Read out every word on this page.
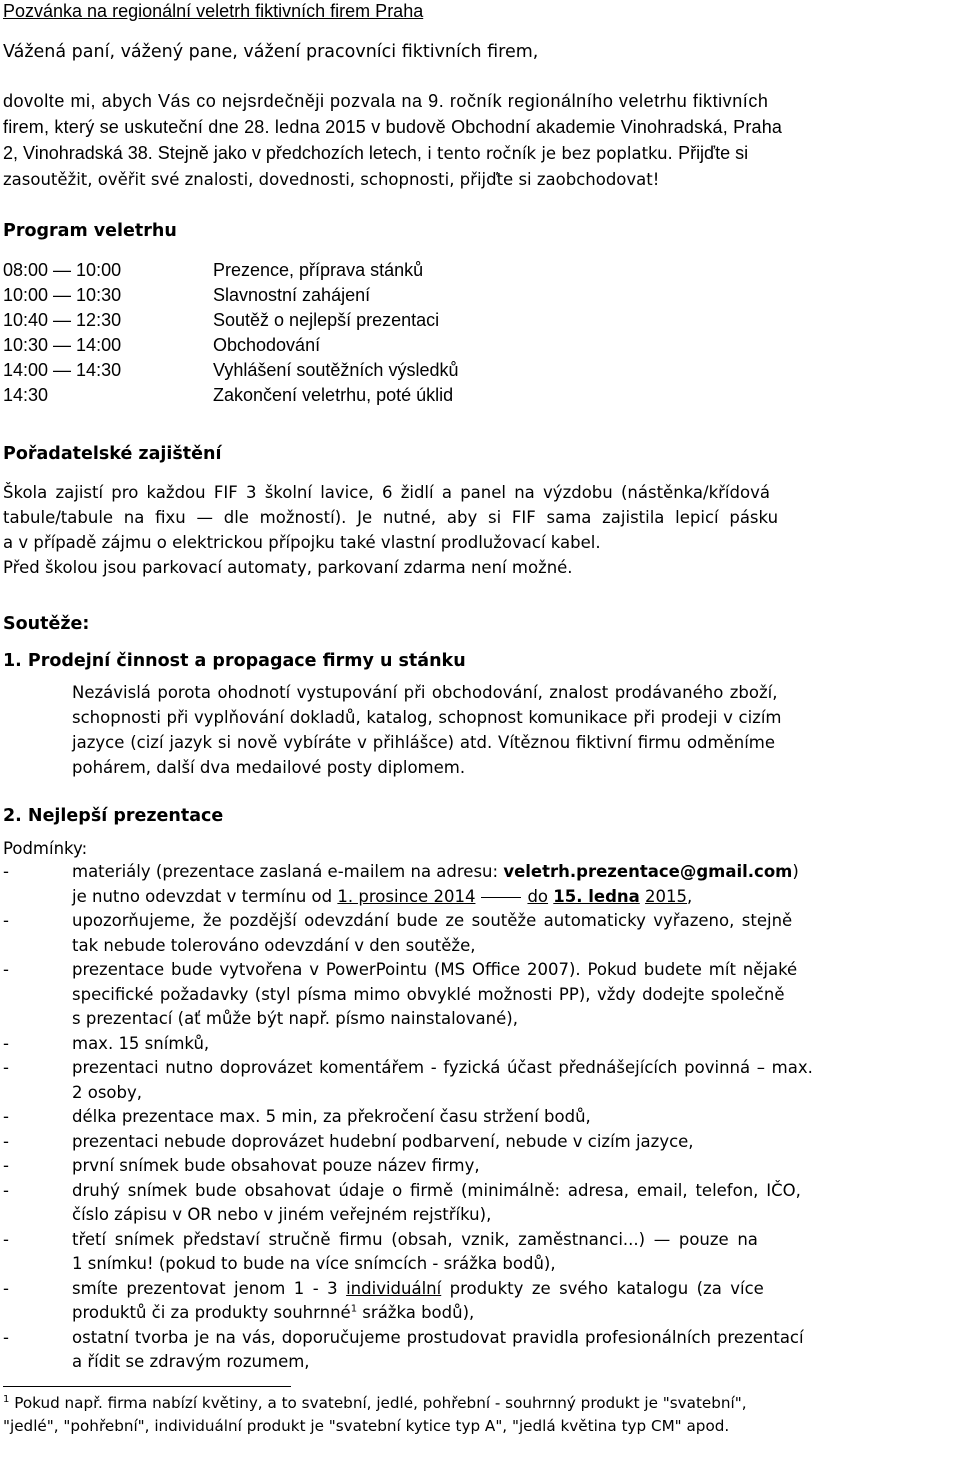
Pozvánka na regionální veletrh fiktivních firem Praha
Vážená paní, vážený pane, vážení pracovníci fiktivních firem,
dovolte mi, abych Vás co nejsrdečněji pozvala na 9. ročník regionálního veletrhu fiktivních
firem, který se uskuteční dne 28. ledna 2015 v budově Obchodní akademie Vinohradská, Praha
2, Vinohradská 38. Stejně jako v předchozích letech, i tento ročník je bez poplatku. Přijďte si
zasoutěžit, ověřit své znalosti, dovednosti, schopnosti, přijďte si zaobchodovat!
Program veletrhu
08:00 — 10:00	Prezence, příprava stánků
10:00 — 10:30	Slavnostní zahájení
10:40 — 12:30	Soutěž o nejlepší prezentaci
10:30 — 14:00	Obchodování
14:00 — 14:30	Vyhlášení soutěžních výsledků
14:30	Zakončení veletrhu, poté úklid
Pořadatelské zajištění
Škola zajistí pro každou FIF 3 školní lavice, 6 židlí a panel na výzdobu (nástěnka/křídová
tabule/tabule na fixu — dle možností). Je nutné, aby si FIF sama zajistila lepicí pásku
a v případě zájmu o elektrickou přípojku také vlastní prodlužovací kabel.
Před školou jsou parkovací automaty, parkovaní zdarma není možné.
Soutěže:
1. Prodejní činnost a propagace firmy u stánku
Nezávislá porota ohodnotí vystupování při obchodování, znalost prodávaného zboží,
schopnosti při vyplňování dokladů, katalog, schopnost komunikace při prodeji v cizím
jazyce (cizí jazyk si nově vybíráte v přihlášce) atd. Vítěznou fiktivní firmu odměníme
pohárem, další dva medailové posty diplomem.
2. Nejlepší prezentace
Podmínky:
-	materiály (prezentace zaslaná e-mailem na adresu: veletrh.prezentace@gmail.com)
je nutno odevzdat v termínu od 1. prosince 2014	do 15. ledna 2015,
-	upozorňujeme, že pozdější odevzdání bude ze soutěže automaticky vyřazeno, stejně
tak nebude tolerováno odevzdání v den soutěže,
-	prezentace bude vytvořena v PowerPointu (MS Office 2007). Pokud budete mít nějaké
specifické požadavky (styl písma mimo obvyklé možnosti PP), vždy dodejte společně
s prezentací (ať může být např. písmo nainstalované),
-	max. 15 snímků,
-	prezentaci nutno doprovázet komentářem - fyzická účast přednášejících povinná – max.
2 osoby,
-	délka prezentace max. 5 min, za překročení času stržení bodů,
-	prezentaci nebude doprovázet hudební podbarvení, nebude v cizím jazyce,
-	první snímek bude obsahovat pouze název firmy,
-	druhý snímek bude obsahovat údaje o firmě (minimálně: adresa, email, telefon, IČO,
číslo zápisu v OR nebo v jiném veřejném rejstříku),
-	třetí snímek představí stručně firmu (obsah, vznik, zaměstnanci...) — pouze na
1 snímku! (pokud to bude na více snímcích - srážka bodů),
-	smíte prezentovat jenom 1 - 3 individuální produkty ze svého katalogu (za více
produktů či za produkty souhrnné$^1$ srážka bodů),
-	ostatní tvorba je na vás, doporučujeme prostudovat pravidla profesionálních prezentací
a řídit se zdravým rozumem,
$^1$ Pokud např. firma nabízí květiny, a to svatební, jedlé, pohřební - souhrnný produkt je "svatební",
"jedlé", "pohřební", individuální produkt je "svatební kytice typ A", "jedlá květina typ CM" apod.
